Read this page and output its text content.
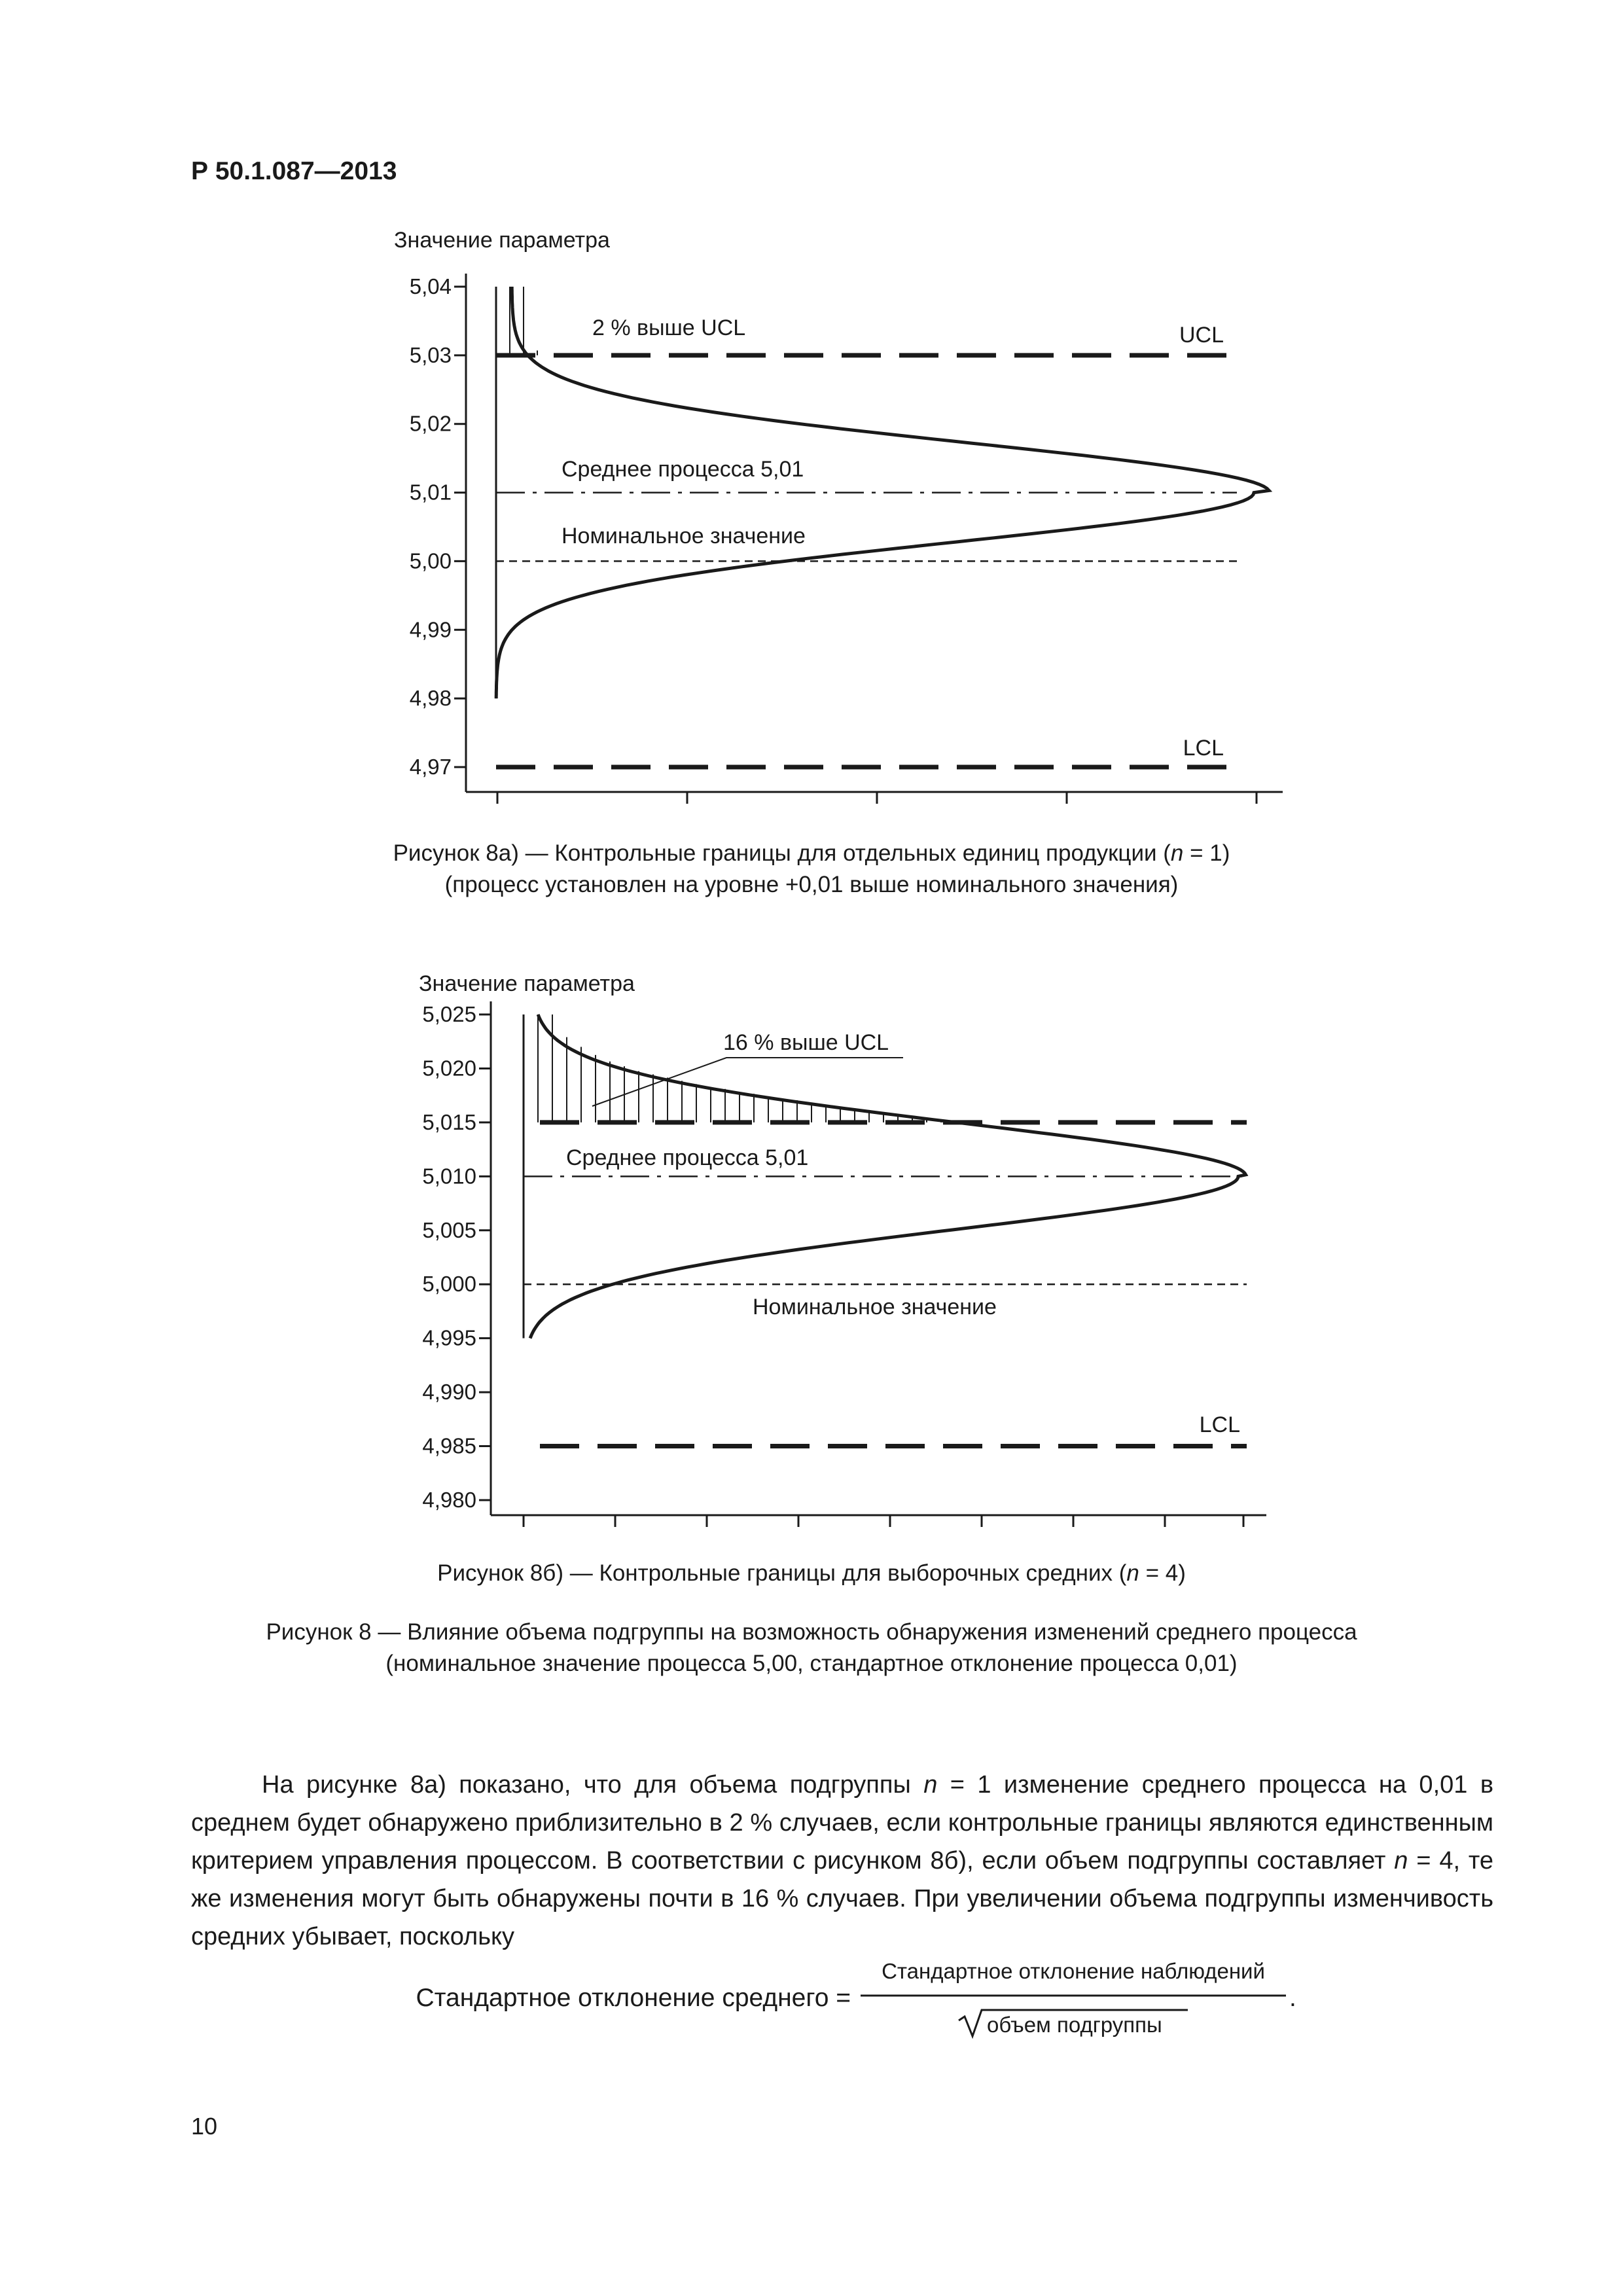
Р 50.1.087—2013
Значение параметра
5,04
5,03
5,02
5,01
5,00
4,99
4,98
4,97
UCL
Среднее процесса 5,01
Номинальное значение
LCL
2 % выше UCL
Рисунок 8а) — Контрольные границы для отдельных единиц продукции (n = 1)
(процесс установлен на уровне +0,01 выше номинального значения)
Значение параметра
5,025
5,020
5,015
5,010
5,005
5,000
4,995
4,990
4,985
4,980
Среднее процесса 5,01
Номинальное значение
LCL
16 % выше UCL
Рисунок 8б) — Контрольные границы для выборочных средних (n = 4)
Рисунок 8 — Влияние объема подгруппы на возможность обнаружения изменений среднего процесса
(номинальное значение процесса 5,00, стандартное отклонение процесса 0,01)

На рисунке 8а) показано, что для объема подгруппы n = 1 изменение среднего процесса на 0,01 в среднем будет обнаружено приблизительно в 2 % случаев, если контрольные границы являются единственным критерием управления процессом. В соответствии с рисунком 8б), если объем подгруппы составляет n = 4, те же изменения могут быть обнаружены почти в 16 % случаев. При увеличении объема подгруппы изменчивость средних убывает, поскольку

Стандартное отклонение среднего =
Стандартное отклонение наблюдений
объем подгруппы
.
10
